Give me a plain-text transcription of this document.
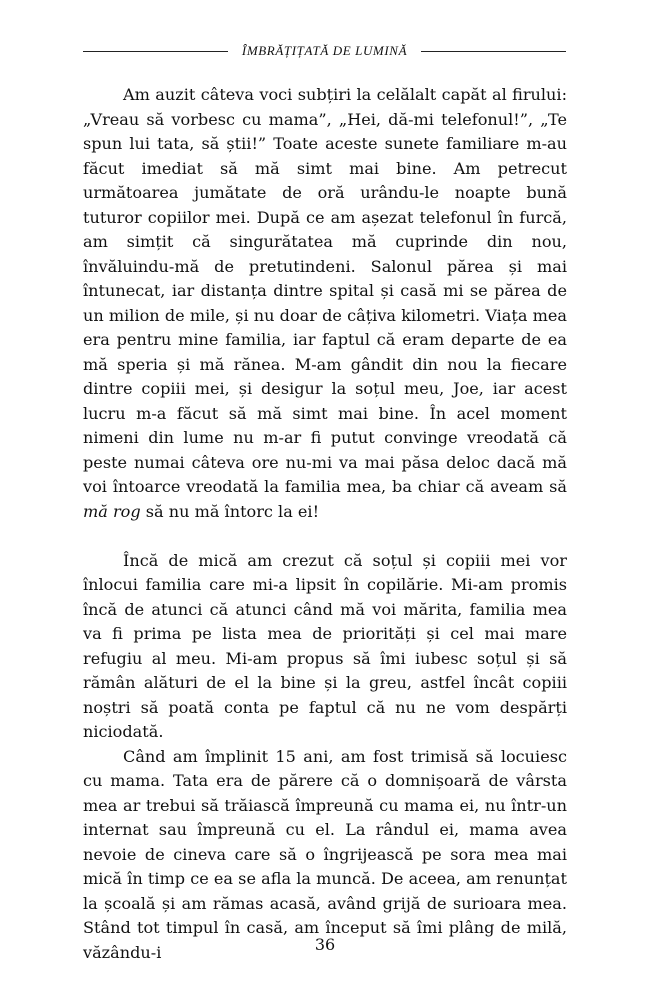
ÎMBRĂȚIȚATĂ DE LUMINĂ

Am auzit câteva voci subțiri la celălalt capăt al firului: „Vreau să vorbesc cu mama”, „Hei, dă-mi telefonul!”, „Te spun lui tata, să știi!” Toate aceste sunete familiare m-au făcut imediat să mă simt mai bine. Am petrecut următoarea jumătate de oră urându-le noapte bună tuturor copiilor mei. După ce am așezat telefonul în furcă, am simțit că singurătatea mă cuprinde din nou, învăluindu-mă de pretutindeni. Salonul părea și mai întunecat, iar distanța dintre spital și casă mi se părea de un milion de mile, și nu doar de câțiva kilometri. Viața mea era pentru mine familia, iar faptul că eram departe de ea mă speria și mă rănea. M-am gândit din nou la fiecare dintre copiii mei, și desigur la soțul meu, Joe, iar acest lucru m-a făcut să mă simt mai bine. În acel moment nimeni din lume nu m-ar fi putut convinge vreodată că peste numai câteva ore nu-mi va mai păsa deloc dacă mă voi întoarce vreodată la familia mea, ba chiar că aveam să mă rog să nu mă întorc la ei!

Încă de mică am crezut că soțul și copiii mei vor înlocui familia care mi-a lipsit în copilărie. Mi-am promis încă de atunci că atunci când mă voi mărita, familia mea va fi prima pe lista mea de priorități și cel mai mare refugiu al meu. Mi-am propus să îmi iubesc soțul și să rămân alături de el la bine și la greu, astfel încât copiii noștri să poată conta pe faptul că nu ne vom despărți niciodată.

Când am împlinit 15 ani, am fost trimisă să locuiesc cu mama. Tata era de părere că o domnișoară de vârsta mea ar trebui să trăiască împreună cu mama ei, nu într-un internat sau împreună cu el. La rândul ei, mama avea nevoie de cineva care să o îngrijească pe sora mea mai mică în timp ce ea se afla la muncă. De aceea, am renunțat la școală și am rămas acasă, având grijă de surioara mea. Stând tot timpul în casă, am început să îmi plâng de milă, văzându-i	36
